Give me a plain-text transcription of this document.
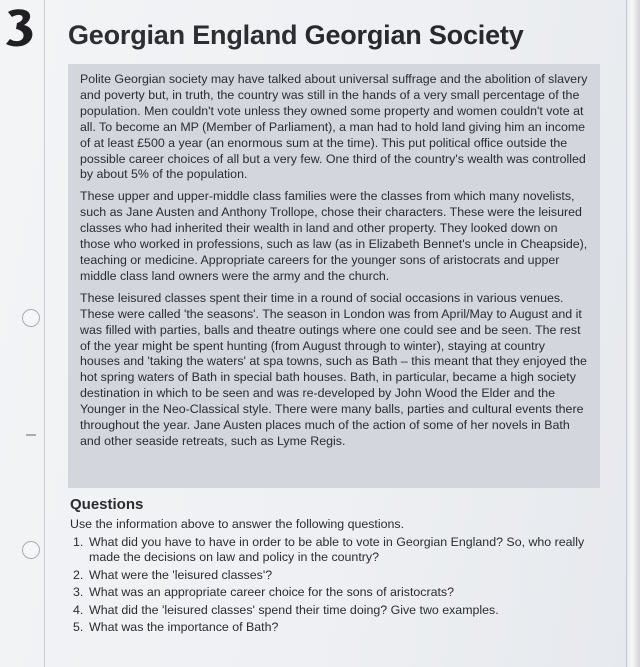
Georgian England Georgian Society

Polite Georgian society may have talked about universal suffrage and the abolition of slavery and poverty but, in truth, the country was still in the hands of a very small percentage of the population. Men couldn't vote unless they owned some property and women couldn't vote at all. To become an MP (Member of Parliament), a man had to hold land giving him an income of at least £500 a year (an enormous sum at the time). This put political office outside the possible career choices of all but a very few. One third of the country's wealth was controlled by about 5% of the population.

These upper and upper-middle class families were the classes from which many novelists, such as Jane Austen and Anthony Trollope, chose their characters. These were the leisured classes who had inherited their wealth in land and other property. They looked down on those who worked in professions, such as law (as in Elizabeth Bennet's uncle in Cheapside), teaching or medicine. Appropriate careers for the younger sons of aristocrats and upper middle class land owners were the army and the church.

These leisured classes spent their time in a round of social occasions in various venues. These were called 'the seasons'. The season in London was from April/May to August and it was filled with parties, balls and theatre outings where one could see and be seen. The rest of the year might be spent hunting (from August through to winter), staying at country houses and 'taking the waters' at spa towns, such as Bath – this meant that they enjoyed the hot spring waters of Bath in special bath houses. Bath, in particular, became a high society destination in which to be seen and was re-developed by John Wood the Elder and the Younger in the Neo-Classical style. There were many balls, parties and cultural events there throughout the year. Jane Austen places much of the action of some of her novels in Bath and other seaside retreats, such as Lyme Regis.

Questions
Use the information above to answer the following questions.
1. What did you have to have in order to be able to vote in Georgian England? So, who really made the decisions on law and policy in the country?
2. What were the 'leisured classes'?
3. What was an appropriate career choice for the sons of aristocrats?
4. What did the 'leisured classes' spend their time doing? Give two examples.
5. What was the importance of Bath?
